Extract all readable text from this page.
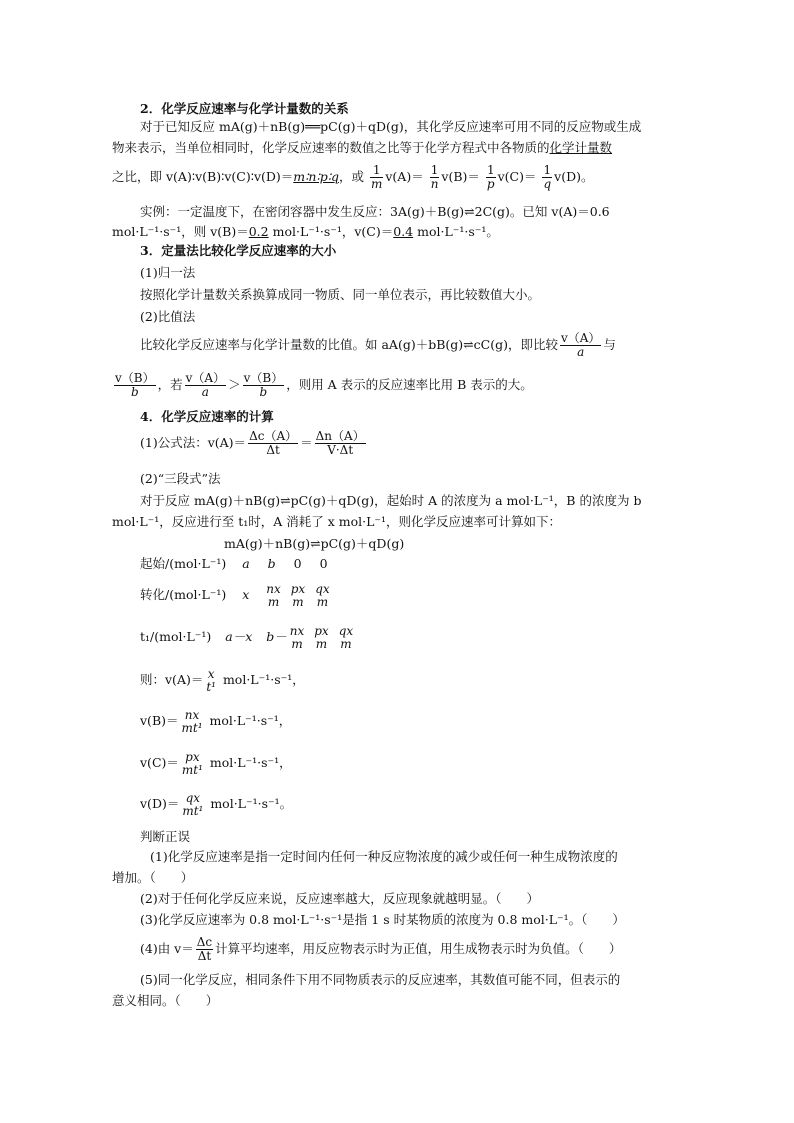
2．化学反应速率与化学计量数的关系
对于已知反应 mA(g)＋nB(g)══pC(g)＋qD(g)，其化学反应速率可用不同的反应物或生成
物来表示，当单位相同时，化学反应速率的数值之比等于化学方程式中各物质的化学计量数
之比，即 v(A)∶v(B)∶v(C)∶v(D)＝m∶n∶p∶q，或 $\frac{1}{m} v(A)= \frac{1}{n} v(B)= \frac{1}{p} v(C)= \frac{1}{q} v(D)$。
实例：一定温度下，在密闭容器中发生反应：3A(g)＋B(g)⇌2C(g)。已知 v(A)＝0.6
mol·L⁻¹·s⁻¹，则 v(B)＝0.2 mol·L⁻¹·s⁻¹，v(C)＝0.4 mol·L⁻¹·s⁻¹。
3．定量法比较化学反应速率的大小
(1)归一法
按照化学计量数关系换算成同一物质、同一单位表示，再比较数值大小。
(2)比值法
比较化学反应速率与化学计量数的比值。如 aA(g)＋bB(g)⇌cC(g)，即比较 $\frac{v(A)}{a}$ 与
$\frac{v(B)}{b}$ ，若 $\frac{v(A)}{a} > \frac{v(B)}{b}$ ，则用 A 表示的反应速率比用 B 表示的大。
4．化学反应速率的计算
(1)公式法：$v(A)= \frac{\Delta c(A)}{\Delta t} = \frac{\Delta n(A)}{V\cdot\Delta t}$
(2)“三段式”法
对于反应 mA(g)＋nB(g)⇌pC(g)＋qD(g)，起始时 A 的浓度为 a mol·L⁻¹，B 的浓度为 b
mol·L⁻¹，反应进行至 t₁时，A 消耗了 x mol·L⁻¹，则化学反应速率可计算如下：
mA(g)＋nB(g)⇌pC(g)＋qD(g)
起始/(mol·L⁻¹) a b 0 0
转化/(mol·L⁻¹) x nx
m

px
m

qx
m
t₁/(mol·L⁻¹) a－x b－ nx
m

px
m

qx
m
则：v(A)＝ x
t¹ mol·L⁻¹·s⁻¹，
v(B)＝ nx
mt¹ mol·L⁻¹·s⁻¹，
v(C)＝ px
mt¹ mol·L⁻¹·s⁻¹，
v(D)＝ qx
mt¹ mol·L⁻¹·s⁻¹。
判断正误
(1)化学反应速率是指一定时间内任何一种反应物浓度的减少或任何一种生成物浓度的
增加。（　　）
(2)对于任何化学反应来说，反应速率越大，反应现象就越明显。（　　）
(3)化学反应速率为 0.8 mol·L⁻¹·s⁻¹是指 1 s 时某物质的浓度为 0.8 mol·L⁻¹。（　　）
(4)由 $v= \frac{\Delta c}{\Delta t}$ 计算平均速率，用反应物表示时为正值，用生成物表示时为负值。（　　）
(5)同一化学反应，相同条件下用不同物质表示的反应速率，其数值可能不同，但表示的
意义相同。（　　）
